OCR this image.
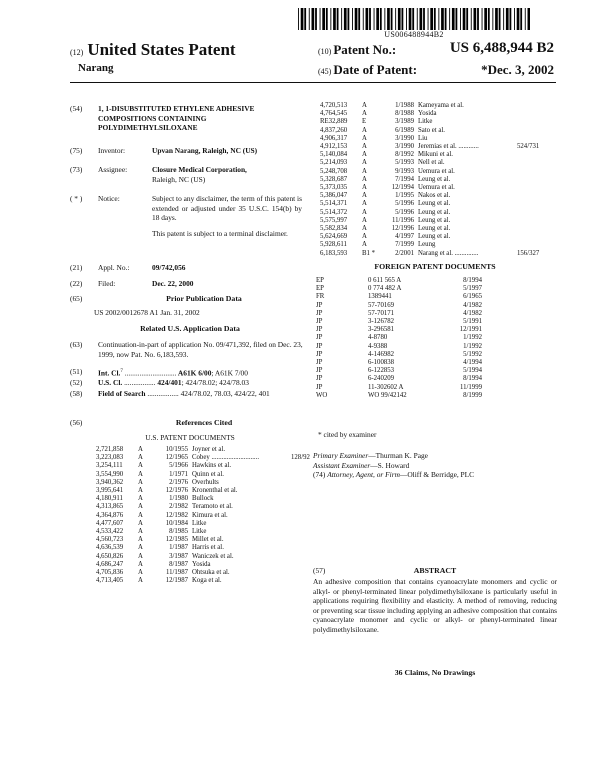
US006488944B2
(12) United States Patent
Narang
(10) Patent No.:	US 6,488,944 B2
(45) Date of Patent:	*Dec. 3, 2002
(54)	1, 1-DISUBSTITUTED ETHYLENE ADHESIVE COMPOSITIONS CONTAINING POLYDIMETHYLSILOXANE
(75)	Inventor:	Upvan Narang, Raleigh, NC (US)
(73)	Assignee:	Closure Medical Corporation,
Raleigh, NC (US)
( * )	Notice:	Subject to any disclaimer, the term of this patent is extended or adjusted under 35 U.S.C. 154(b) by 18 days.

This patent is subject to a terminal disclaimer.
(21)	Appl. No.:	09/742,056
(22)	Filed:	Dec. 22, 2000
(65)	Prior Publication Data
US 2002/0012678 A1 Jan. 31, 2002
Related U.S. Application Data
(63)	Continuation-in-part of application No. 09/471,392, filed on Dec. 23, 1999, now Pat. No. 6,183,593.
(51)	Int. Cl.$^7$ ............................ A61K 6/00; A61K 7/00
(52)	U.S. Cl. ................. 424/401; 424/78.02; 424/78.03
(58)	Field of Search ................. 424/78.02, 78.03, 424/22, 401
(56)	References Cited
U.S. PATENT DOCUMENTS
2,721,858	A	10/1955	Joyner et al.	
3,223,083	A	12/1965	Cobey ............................	128/92
3,254,111	A	5/1966	Hawkins et al.	
3,554,990	A	1/1971	Quinn et al.	
3,940,362	A	2/1976	Overhults	
3,995,641	A	12/1976	Kronenthal et al.	
4,180,911	A	1/1980	Bullock	
4,313,865	A	2/1982	Teramoto et al.	
4,364,876	A	12/1982	Kimura et al.	
4,477,607	A	10/1984	Litke	
4,533,422	A	8/1985	Litke	
4,560,723	A	12/1985	Millet et al.	
4,636,539	A	1/1987	Harris et al.	
4,650,826	A	3/1987	Waniczek et al.	
4,686,247	A	8/1987	Yosida	
4,705,836	A	11/1987	Ohtsuka et al.	
4,713,405	A	12/1987	Koga et al.	
4,720,513	A	1/1988	Kameyama et al.	
4,764,545	A	8/1988	Yosida	
RE32,889	E	3/1989	Litke	
4,837,260	A	6/1989	Sato et al.	
4,906,317	A	3/1990	Liu	
4,912,153	A	3/1990	Jeremias et al. ............	524/731
5,140,084	A	8/1992	Mikuni et al.	
5,214,093	A	5/1993	Nell et al.	
5,248,708	A	9/1993	Uemura et al.	
5,328,687	A	7/1994	Leung et al.	
5,373,035	A	12/1994	Uemura et al.	
5,386,047	A	1/1995	Nakos et al.	
5,514,371	A	5/1996	Leung et al.	
5,514,372	A	5/1996	Leung et al.	
5,575,997	A	11/1996	Leung et al.	
5,582,834	A	12/1996	Leung et al.	
5,624,669	A	4/1997	Leung et al.	
5,928,611	A	7/1999	Leung	
6,183,593	B1 *	2/2001	Narang et al. ..............	156/327
FOREIGN PATENT DOCUMENTS
EP	0 611 565 A	8/1994
EP	0 774 482 A	5/1997
FR	1389441	6/1965
JP	57-70169	4/1982
JP	57-70171	4/1982
JP	3-126782	5/1991
JP	3-296581	12/1991
JP	4-8780	1/1992
JP	4-9388	1/1992
JP	4-146982	5/1992
JP	6-100838	4/1994
JP	6-122853	5/1994
JP	6-240209	8/1994
JP	11-302602 A	11/1999
WO	WO 99/42142	8/1999
* cited by examiner
Primary Examiner—Thurman K. Page
Assistant Examiner—S. Howard
(74) Attorney, Agent, or Firm—Oliff & Berridge, PLC
(57)	ABSTRACT
An adhesive composition that contains cyanoacrylate monomers and cyclic or alkyl- or phenyl-terminated linear polydimethylsiloxane is particularly useful in applications requiring flexibility and elasticity. A method of removing, reducing or preventing scar tissue including applying an adhesive composition that contains cyanoacrylate monomer and cyclic or alkyl- or phenyl-terminated linear polydimethylsiloxane.
36 Claims, No Drawings
